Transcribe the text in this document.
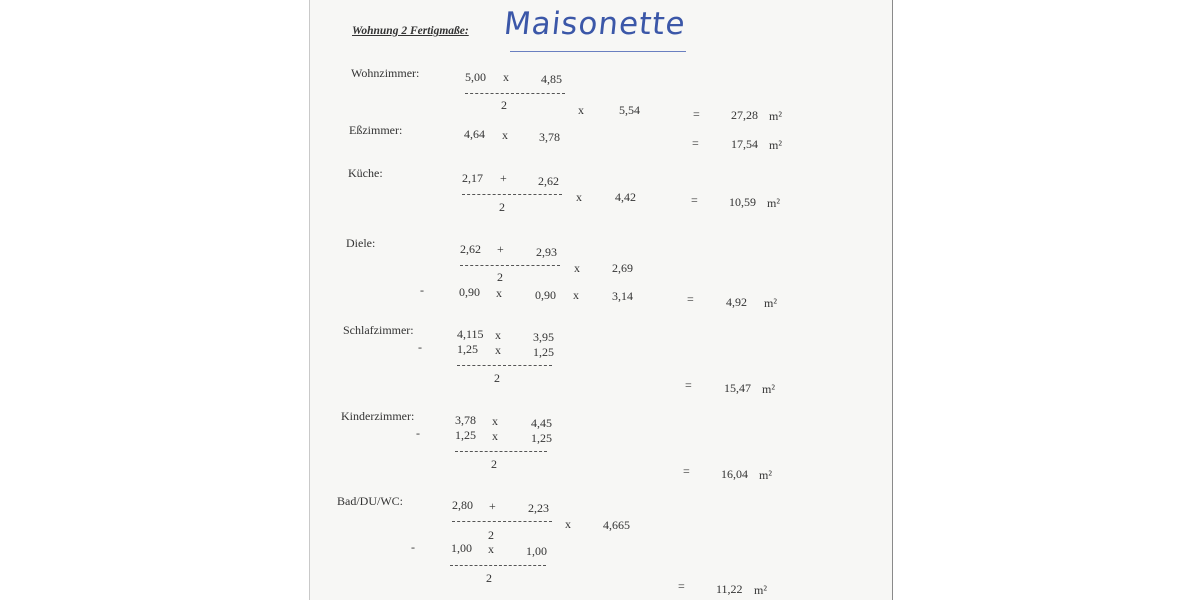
Wohnung 2 Fertigmaße: Maisonette
Wohnzimmer:	5,00 x	4,85
2	x	5,54	=	27,28 m²
Eßzimmer:	4,64 x	3,78	=	17,54 m²
Küche:	2,17 +	2,62
2
x	4,42	=	10,59 m²
Diele:	2,62 +	2,93
2
x	2,69
-	0,90 x	0,90 x	3,14	=	4,92 m²
Schlafzimmer:	4,115 x	3,95
-	1,25 x	1,25
2	=	15,47 m²
Kinderzimmer:	3,78 x	4,45
-	1,25 x	1,25
2	=	16,04 m²
Bad/DU/WC:	2,80 +	2,23
2
x	4,665
-	1,00 x	1,00
2
=	11,22 m²
